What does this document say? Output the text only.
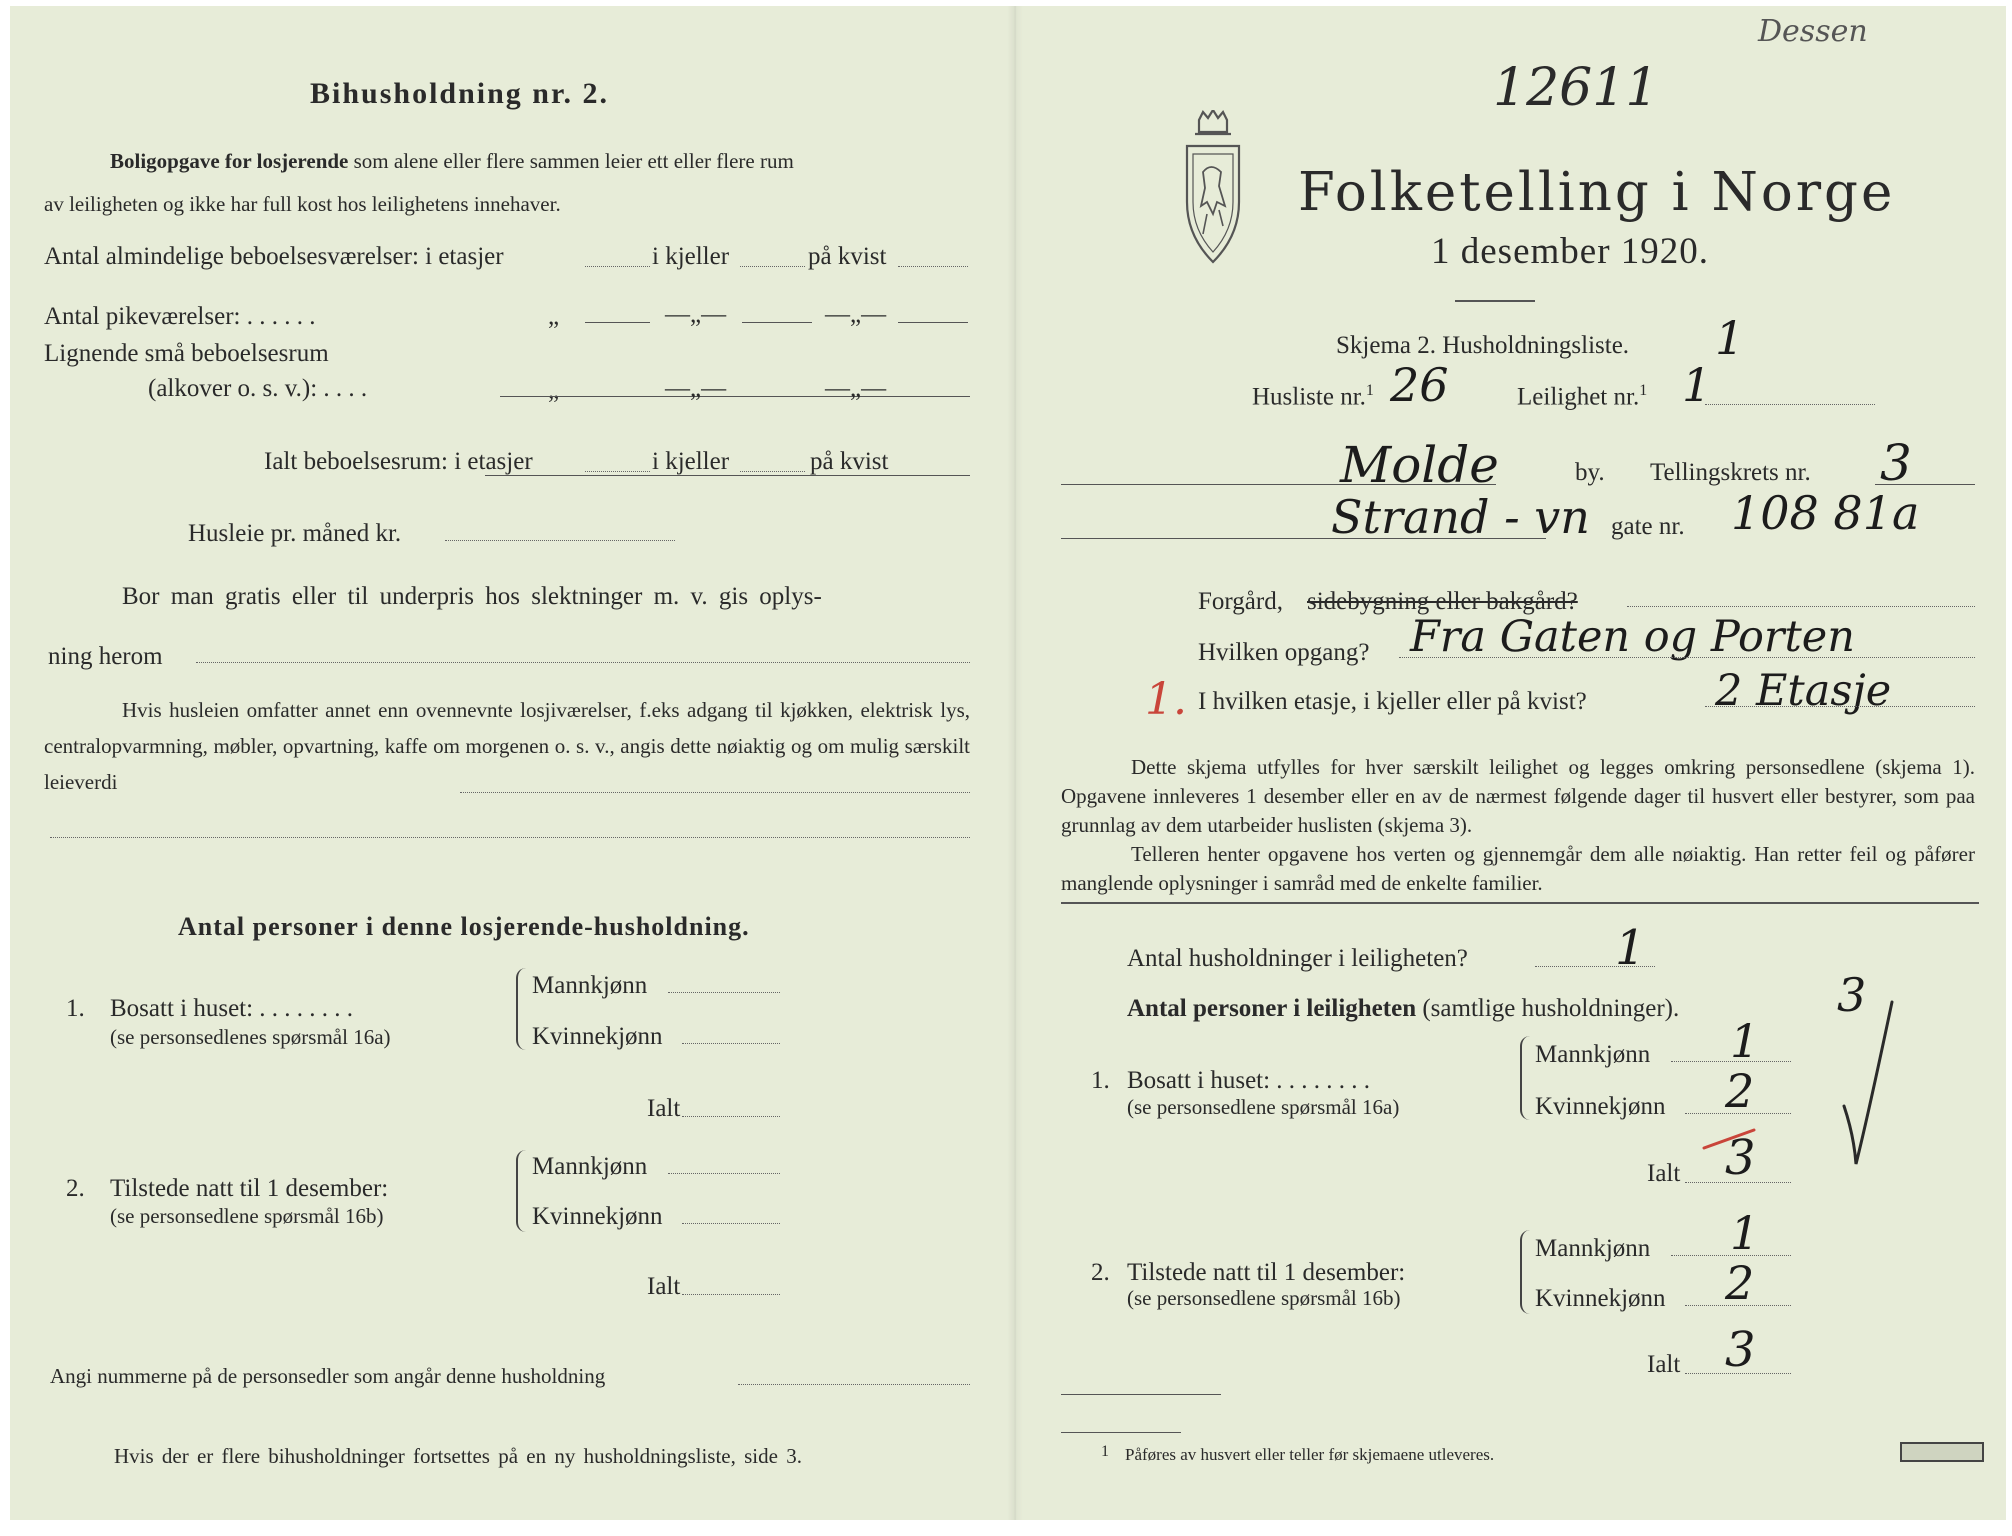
Bihusholdning nr. 2.
Boligopgave for losjerende som alene eller flere sammen leier ett eller flere rum
av leiligheten og ikke har full kost hos leilighetens innehaver.
Antal almindelige beboelsesværelser: i etasjer	i kjeller	på kvist
Antal pikeværelser: . . . . . .	„	—„—	—„—
Lignende små beboelsesrum
(alkover o. s. v.): . . . .	„	—„—	—„—
Ialt beboelsesrum: i etasjer	i kjeller	på kvist
Husleie pr. måned kr.
Bor man gratis eller til underpris hos slektninger m. v. gis oplys-
ning herom
Hvis husleien omfatter annet enn ovennevnte losjiværelser, f.eks adgang til kjøkken, elektrisk lys, centralopvarmning, møbler, opvartning, kaffe om morgenen o. s. v., angis dette nøiaktig og om mulig særskilt leieverdi
Antal personer i denne losjerende-husholdning.
1. Bosatt i huset: . . . . . . . .
(se personsedlenes spørsmål 16a)
Mannkjønn
Kvinnekjønn
Ialt
2. Tilstede natt til 1 desember:
(se personsedlene spørsmål 16b)
Mannkjønn
Kvinnekjønn
Ialt
Angi nummerne på de personsedler som angår denne husholdning
Hvis der er flere bihusholdninger fortsettes på en ny husholdningsliste, side 3.
Folketelling i Norge
1 desember 1920.
Skjema 2. Husholdningsliste. 1
Husliste nr.$^1$ 26	Leilighet nr.$^1$ 1
Molde	by. Tellingskrets nr. 3
Strand - vn gate nr. 108 81a
Forgård, sidebygning eller bakgård?
Hvilken opgang? Fra Gaten og Porten
1. I hvilken etasje, i kjeller eller på kvist?	2 Etasje
Dette skjema utfylles for hver særskilt leilighet og legges omkring personsedlene (skjema 1). Opgavene innleveres 1 desember eller en av de nærmest følgende dager til husvert eller bestyrer, som paa grunnlag av dem utarbeider huslisten (skjema 3).
Telleren henter opgavene hos verten og gjennemgår dem alle nøiaktig. Han retter feil og påfører manglende oplysninger i samråd med de enkelte familier.
Antal husholdninger i leiligheten?	1
Antal personer i leiligheten (samtlige husholdninger).	3
1. Bosatt i huset: . . . . . . . .
(se personsedlene spørsmål 16a)
Mannkjønn 1
Kvinnekjønn 2
Ialt 3
2. Tilstede natt til 1 desember:
(se personsedlene spørsmål 16b)
Mannkjønn 1
Kvinnekjønn 2
Ialt 3
1 Påføres av husvert eller teller før skjemaene utleveres.
12611
Dessen
